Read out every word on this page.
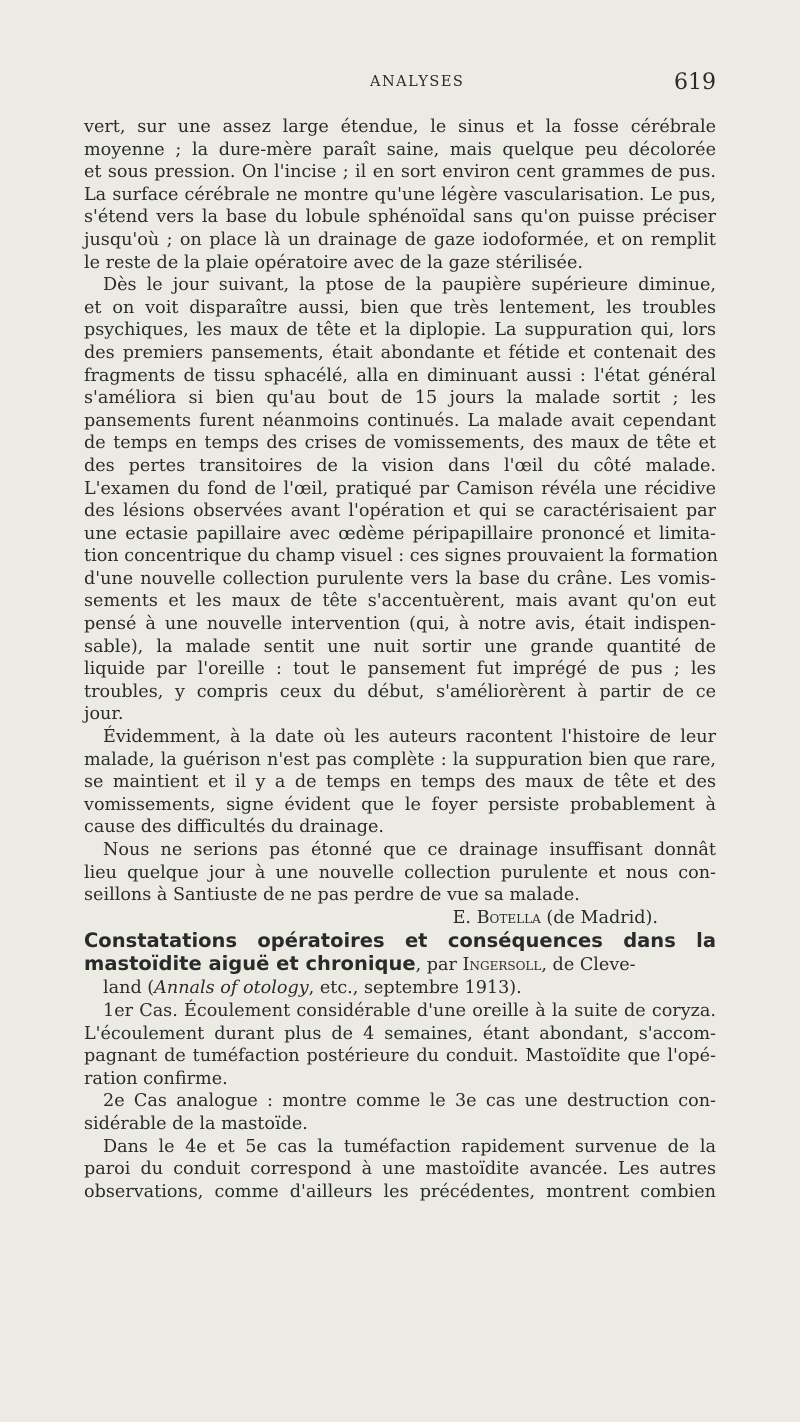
ANALYSES	619
vert, sur une assez large étendue, le sinus et la fosse cérébrale
moyenne ; la dure-mère paraît saine, mais quelque peu décolorée
et sous pression. On l'incise ; il en sort environ cent grammes de pus.
La surface cérébrale ne montre qu'une légère vascularisation. Le pus,
s'étend vers la base du lobule sphénoïdal sans qu'on puisse préciser
jusqu'où ; on place là un drainage de gaze iodoformée, et on remplit
le reste de la plaie opératoire avec de la gaze stérilisée.
Dès le jour suivant, la ptose de la paupière supérieure diminue,
et on voit disparaître aussi, bien que très lentement, les troubles
psychiques, les maux de tête et la diplopie. La suppuration qui, lors
des premiers pansements, était abondante et fétide et contenait des
fragments de tissu sphacélé, alla en diminuant aussi : l'état général
s'améliora si bien qu'au bout de 15 jours la malade sortit ; les
pansements furent néanmoins continués. La malade avait cependant
de temps en temps des crises de vomissements, des maux de tête et
des pertes transitoires de la vision dans l'œil du côté malade.
L'examen du fond de l'œil, pratiqué par Camison révéla une récidive
des lésions observées avant l'opération et qui se caractérisaient par
une ectasie papillaire avec œdème péripapillaire prononcé et limita-
tion concentrique du champ visuel : ces signes prouvaient la formation
d'une nouvelle collection purulente vers la base du crâne. Les vomis-
sements et les maux de tête s'accentuèrent, mais avant qu'on eut
pensé à une nouvelle intervention (qui, à notre avis, était indispen-
sable), la malade sentit une nuit sortir une grande quantité de
liquide par l'oreille : tout le pansement fut imprégé de pus ; les
troubles, y compris ceux du début, s'améliorèrent à partir de ce
jour.
Évidemment, à la date où les auteurs racontent l'histoire de leur
malade, la guérison n'est pas complète : la suppuration bien que rare,
se maintient et il y a de temps en temps des maux de tête et des
vomissements, signe évident que le foyer persiste probablement à
cause des difficultés du drainage.
Nous ne serions pas étonné que ce drainage insuffisant donnât
lieu quelque jour à une nouvelle collection purulente et nous con-
seillons à Santiuste de ne pas perdre de vue sa malade.
E. Botella (de Madrid).
Constatations opératoires et conséquences dans la
mastoïdite aiguë et chronique, par Ingersoll, de Cleve-
land (Annals of otology, etc., septembre 1913).
1er Cas. Écoulement considérable d'une oreille à la suite de coryza.
L'écoulement durant plus de 4 semaines, étant abondant, s'accom-
pagnant de tuméfaction postérieure du conduit. Mastoïdite que l'opé-
ration confirme.
2e Cas analogue : montre comme le 3e cas une destruction con-
sidérable de la mastoïde.
Dans le 4e et 5e cas la tuméfaction rapidement survenue de la
paroi du conduit correspond à une mastoïdite avancée. Les autres
observations, comme d'ailleurs les précédentes, montrent combien
